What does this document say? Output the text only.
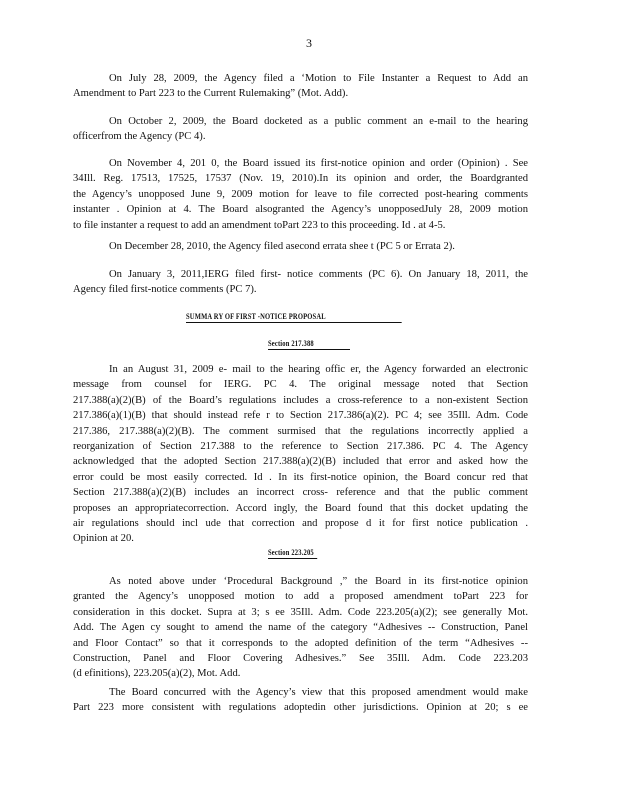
3
On July 28, 2009, the Agency filed a ‘Motion to File Instanter a Request to Add an
Amendment to Part 223 to the Current Rulemaking” (Mot. Add).
On October 2, 2009, the Board docketed as a public comment an e-mail to the hearing
officerfrom the Agency (PC 4).
On November 4, 201 0, the Board issued its first-notice opinion and order (Opinion) . See
34Ill. Reg. 17513, 17525, 17537 (Nov. 19, 2010).In its opinion and order, the Boardgranted
the Agency’s unopposed June 9, 2009 motion for leave to file corrected post-hearing comments
instanter . Opinion at 4. The Board alsogranted the Agency’s unopposedJuly 28, 2009 motion
to file instanter a request to add an amendment toPart 223 to this proceeding. Id . at 4-5.
On December 28, 2010, the Agency filed asecond errata shee t (PC 5 or Errata 2).
On January 3, 2011,IERG filed first- notice comments (PC 6). On January 18, 2011, the
Agency filed first-notice comments (PC 7).
SUMMA RY OF FIRST -NOTICE PROPOSAL
Section 217.388
In an August 31, 2009 e- mail to the hearing offic er, the Agency forwarded an electronic
message from counsel for IERG. PC 4. The original message noted that Section
217.388(a)(2)(B) of the Board’s regulations includes a cross-reference to a non-existent Section
217.386(a)(1)(B) that should instead refe r to Section 217.386(a)(2). PC 4; see 35Ill. Adm. Code
217.386, 217.388(a)(2)(B). The comment surmised that the regulations incorrectly applied a
reorganization of Section 217.388 to the reference to Section 217.386. PC 4. The Agency
acknowledged that the adopted Section 217.388(a)(2)(B) included that error and asked how the
error could be most easily corrected. Id . In its first-notice opinion, the Board concur red that
Section 217.388(a)(2)(B) includes an incorrect cross- reference and that the public comment
proposes an appropriatecorrection. Accord ingly, the Board found that this docket updating the
air regulations should incl ude that correction and propose d it for first notice publication .
Opinion at 20.
Section 223.205
As noted above under ‘Procedural Background ,” the Board in its first-notice opinion
granted the Agency’s unopposed motion to add a proposed amendment toPart 223 for
consideration in this docket. Supra at 3; s ee 35Ill. Adm. Code 223.205(a)(2); see generally Mot.
Add. The Agen cy sought to amend the name of the category “Adhesives -- Construction, Panel
and Floor Contact” so that it corresponds to the adopted definition of the term “Adhesives --
Construction, Panel and Floor Covering Adhesives.” See 35Ill. Adm. Code 223.203
(d efinitions), 223.205(a)(2), Mot. Add.
The Board concurred with the Agency’s view that this proposed amendment would make
Part 223 more consistent with regulations adoptedin other jurisdictions. Opinion at 20; s ee
